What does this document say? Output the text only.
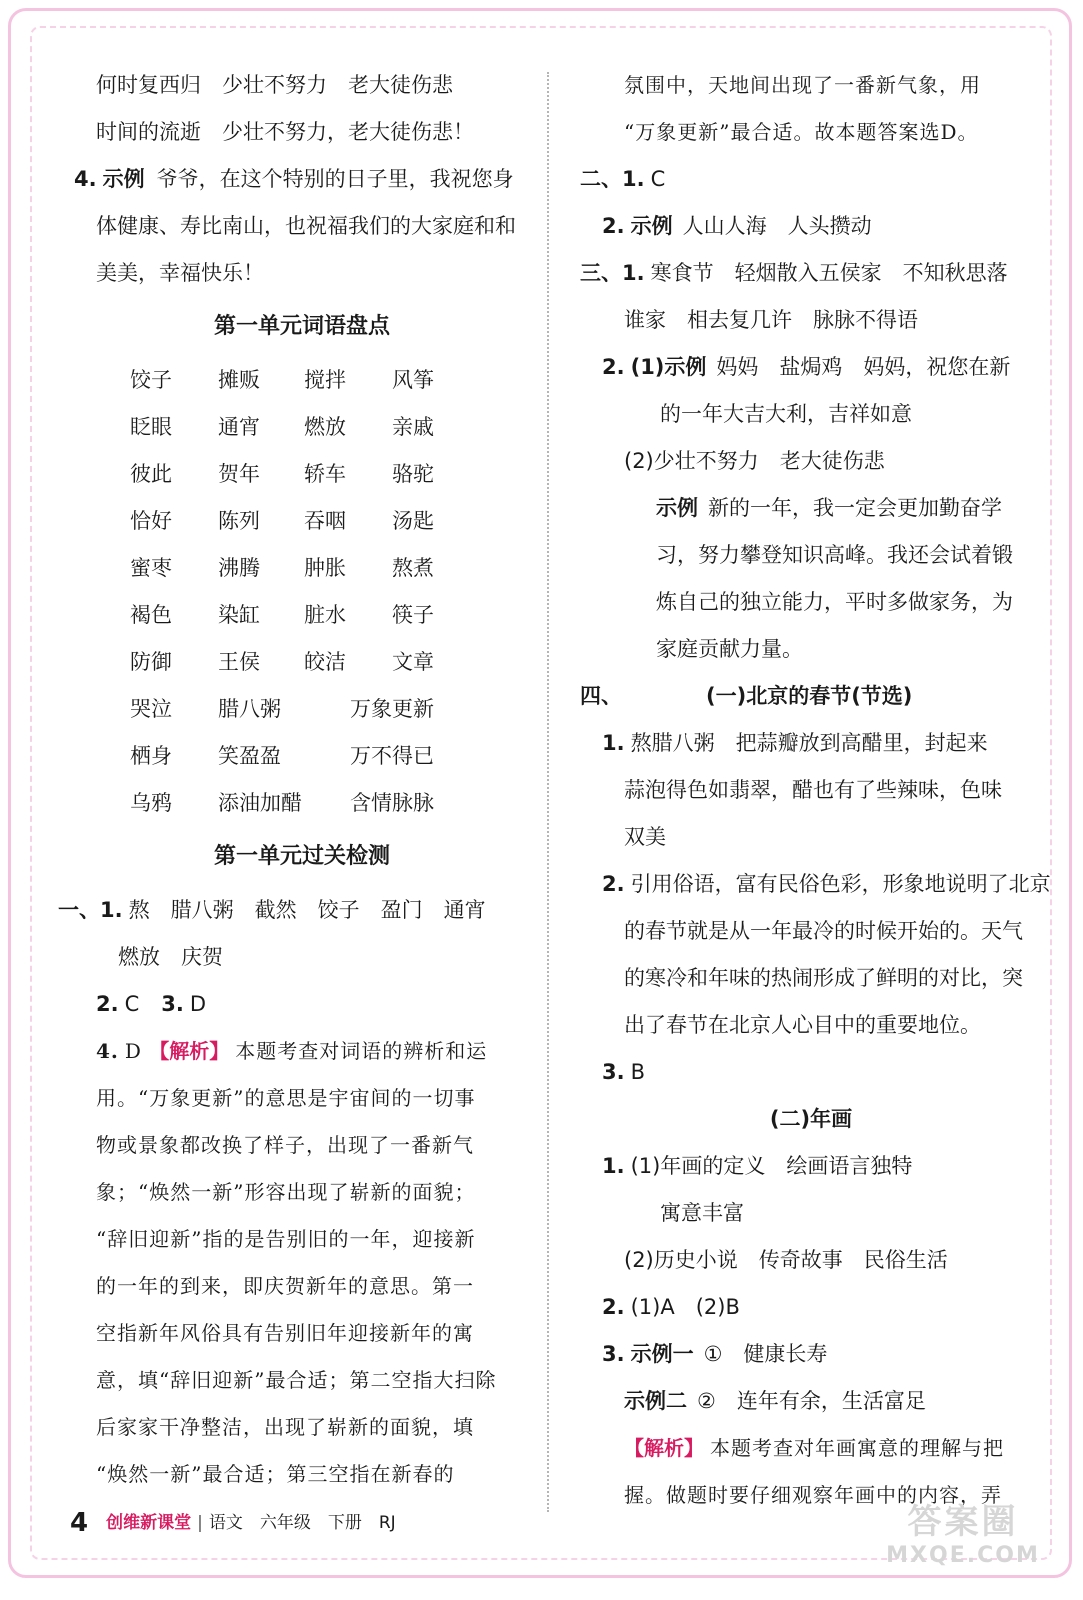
何时复西归　少壮不努力　老大徒伤悲
时间的流逝　少壮不努力，老大徒伤悲！
4. 示例 爷爷，在这个特别的日子里，我祝您身
体健康、寿比南山，也祝福我们的大家庭和和
美美，幸福快乐！
第一单元词语盘点
饺子 摊贩 搅拌 风筝
眨眼 通宵 燃放 亲戚
彼此 贺年 轿车 骆驼
恰好 陈列 吞咽 汤匙
蜜枣 沸腾 肿胀 熬煮
褐色 染缸 脏水 筷子
防御 王侯 皎洁 文章
哭泣 腊八粥	万象更新
栖身 笑盈盈	万不得已
乌鸦 添油加醋 含情脉脉
第一单元过关检测
一、1. 熬　腊八粥　截然　饺子　盈门　通宵
燃放　庆贺
2. C 3. D
4. D 【解析】 本题考查对词语的辨析和运
用。“万象更新”的意思是宇宙间的一切事
物或景象都改换了样子，出现了一番新气
象；“焕然一新”形容出现了崭新的面貌；
“辞旧迎新”指的是告别旧的一年，迎接新
的一年的到来，即庆贺新年的意思。第一
空指新年风俗具有告别旧年迎接新年的寓
意，填“辞旧迎新”最合适；第二空指大扫除
后家家干净整洁，出现了崭新的面貌，填
“焕然一新”最合适；第三空指在新春的
氛围中，天地间出现了一番新气象，用
“万象更新”最合适。故本题答案选D。
二、1. C
2. 示例 人山人海　人头攒动
三、1. 寒食节　轻烟散入五侯家　不知秋思落
谁家　相去复几许　脉脉不得语
2. (1)示例 妈妈　盐焗鸡　妈妈，祝您在新
的一年大吉大利，吉祥如意
(2)少壮不努力　老大徒伤悲
示例 新的一年，我一定会更加勤奋学
习，努力攀登知识高峰。我还会试着锻
炼自己的独立能力，平时多做家务，为
家庭贡献力量。
四、	(一)北京的春节(节选)
1. 熬腊八粥　把蒜瓣放到高醋里，封起来
蒜泡得色如翡翠，醋也有了些辣味，色味
双美
2. 引用俗语，富有民俗色彩，形象地说明了北京
的春节就是从一年最冷的时候开始的。天气
的寒冷和年味的热闹形成了鲜明的对比，突
出了春节在北京人心目中的重要地位。
3. B
(二)年画
1. (1)年画的定义　绘画语言独特
寓意丰富
(2)历史小说　传奇故事　民俗生活
2. (1)A　(2)B
3. 示例一 ①　健康长寿
示例二 ②　连年有余，生活富足
【解析】 本题考查对年画寓意的理解与把
握。做题时要仔细观察年画中的内容，弄
4 创维新课堂 | 语文　六年级　下册　RJ	答案圈
MXQE.COM
